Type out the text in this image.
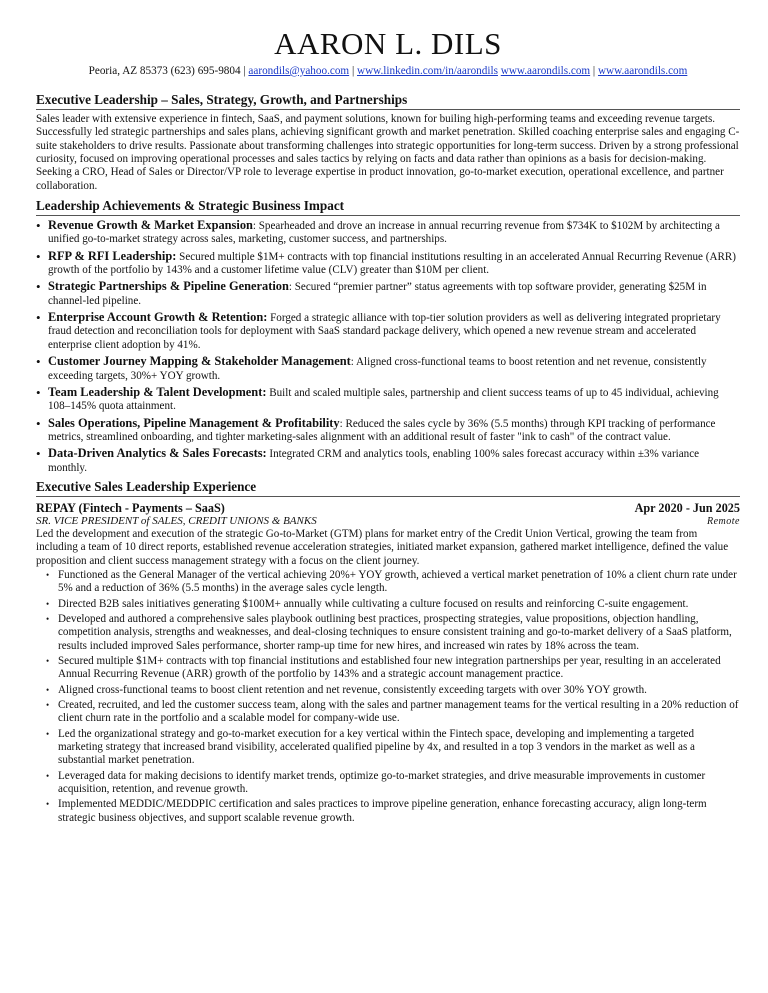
AARON L. DILS
Peoria, AZ 85373 (623) 695-9804 | aarondils@yahoo.com | www.linkedin.com/in/aarondils www.aarondils.com | www.aarondils.com
Executive Leadership – Sales, Strategy, Growth, and Partnerships

Sales leader with extensive experience in fintech, SaaS, and payment solutions, known for builing high-performing teams and exceeding revenue targets. Successfully led strategic partnerships and sales plans, achieving significant growth and market penetration. Skilled coaching enterprise sales and engaging C-suite stakeholders to drive results. Passionate about transforming challenges into strategic opportunities for long-term success. Driven by a strong professional curiosity, focused on improving operational processes and sales tactics by relying on facts and data rather than opinions as a basis for decision-making. Seeking a CRO, Head of Sales or Director/VP role to leverage expertise in product innovation, go-to-market execution, operational excellence, and partner collaboration.

Leadership Achievements & Strategic Business Impact
• Revenue Growth & Market Expansion: Spearheaded and drove an increase in annual recurring revenue from $734K to $102M by architecting a unified go-to-market strategy across sales, marketing, customer success, and partnerships.
• RFP & RFI Leadership: Secured multiple $1M+ contracts with top financial institutions resulting in an accelerated Annual Recurring Revenue (ARR) growth of the portfolio by 143% and a customer lifetime value (CLV) greater than $10M per client.
• Strategic Partnerships & Pipeline Generation: Secured “premier partner” status agreements with top software provider, generating $25M in channel-led pipeline.
• Enterprise Account Growth & Retention: Forged a strategic alliance with top-tier solution providers as well as delivering integrated proprietary fraud detection and reconciliation tools for deployment with SaaS standard package delivery, which opened a new revenue stream and accelerated enterprise client adoption by 41%.
• Customer Journey Mapping & Stakeholder Management: Aligned cross-functional teams to boost retention and net revenue, consistently exceeding targets, 30%+ YOY growth.
• Team Leadership & Talent Development: Built and scaled multiple sales, partnership and client success teams of up to 45 individual, achieving 108–145% quota attainment.
• Sales Operations, Pipeline Management & Profitability: Reduced the sales cycle by 36% (5.5 months) through KPI tracking of performance metrics, streamlined onboarding, and tighter marketing-sales alignment with an additional result of faster "ink to cash" of the contract value.
• Data-Driven Analytics & Sales Forecasts: Integrated CRM and analytics tools, enabling 100% sales forecast accuracy within ±3% variance monthly.
Executive Sales Leadership Experience
REPAY (Fintech - Payments – SaaS)	Apr 2020 - Jun 2025
SR. VICE PRESIDENT of SALES, CREDIT UNIONS & BANKS	Remote

Led the development and execution of the strategic Go-to-Market (GTM) plans for market entry of the Credit Union Vertical, growing the team from including a team of 10 direct reports, established revenue acceleration strategies, initiated market expansion, gathered market intelligence, defined the value proposition and client success management strategy with a focus on the client journey.

• Functioned as the General Manager of the vertical achieving 20%+ YOY growth, achieved a vertical market penetration of 10% a client churn rate under 5% and a reduction of 36% (5.5 months) in the average sales cycle length.
• Directed B2B sales initiatives generating $100M+ annually while cultivating a culture focused on results and reinforcing C-suite engagement.
• Developed and authored a comprehensive sales playbook outlining best practices, prospecting strategies, value propositions, objection handling, competition analysis, strengths and weaknesses, and deal-closing techniques to ensure consistent training and go-to-market delivery of a SaaS platform, results included improved Sales performance, shorter ramp-up time for new hires, and increased win rates by 18% across the team.
• Secured multiple $1M+ contracts with top financial institutions and established four new integration partnerships per year, resulting in an accelerated Annual Recurring Revenue (ARR) growth of the portfolio by 143% and a strategic account management practice.
• Aligned cross-functional teams to boost client retention and net revenue, consistently exceeding targets with over 30% YOY growth.
• Created, recruited, and led the customer success team, along with the sales and partner management teams for the vertical resulting in a 20% reduction of client churn rate in the portfolio and a scalable model for company-wide use.
• Led the organizational strategy and go-to-market execution for a key vertical within the Fintech space, developing and implementing a targeted marketing strategy that increased brand visibility, accelerated qualified pipeline by 4x, and resulted in a top 3 vendors in the market as well as a substantial market penetration.
• Leveraged data for making decisions to identify market trends, optimize go-to-market strategies, and drive measurable improvements in customer acquisition, retention, and revenue growth.
• Implemented MEDDIC/MEDDPIC certification and sales practices to improve pipeline generation, enhance forecasting accuracy, align long-term strategic business objectives, and support scalable revenue growth.
